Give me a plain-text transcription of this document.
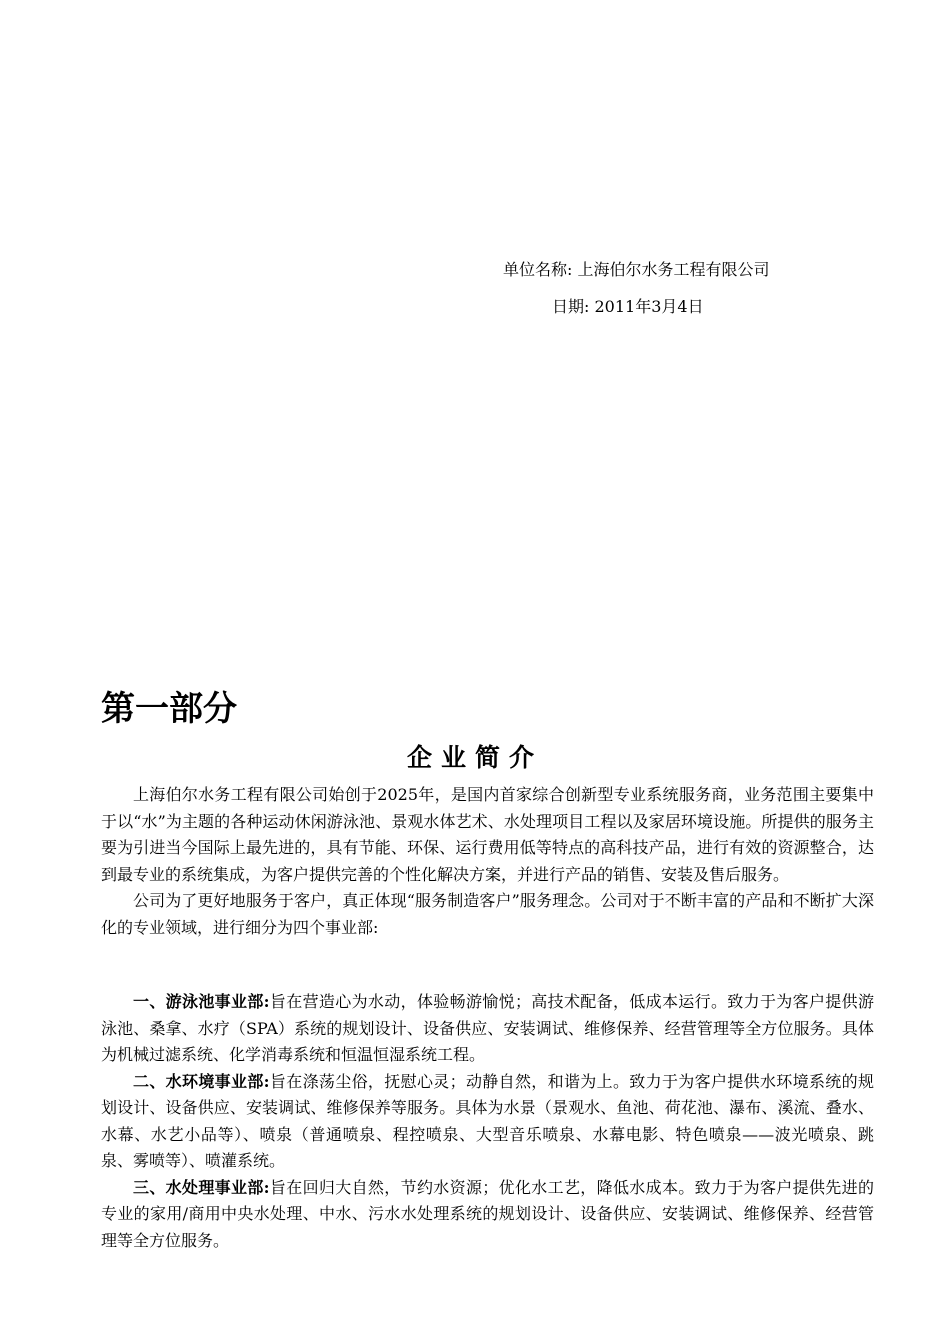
单位名称: 上海伯尔水务工程有限公司
日期: 2011年3月4日
第一部分
企业简介

上海伯尔水务工程有限公司始创于2025年，是国内首家综合创新型专业系统服务商，业务范围主要集中于以“水”为主题的各种运动休闲游泳池、景观水体艺术、水处理项目工程以及家居环境设施。所提供的服务主要为引进当今国际上最先进的，具有节能、环保、运行费用低等特点的高科技产品，进行有效的资源整合，达到最专业的系统集成，为客户提供完善的个性化解决方案，并进行产品的销售、安装及售后服务。

公司为了更好地服务于客户，真正体现“服务制造客户”服务理念。公司对于不断丰富的产品和不断扩大深化的专业领域，进行细分为四个事业部:

一、游泳池事业部:旨在营造心为水动，体验畅游愉悦；高技术配备，低成本运行。致力于为客户提供游泳池、桑拿、水疗（SPA）系统的规划设计、设备供应、安装调试、维修保养、经营管理等全方位服务。具体为机械过滤系统、化学消毒系统和恒温恒湿系统工程。

二、水环境事业部:旨在涤荡尘俗，抚慰心灵；动静自然，和谐为上。致力于为客户提供水环境系统的规划设计、设备供应、安装调试、维修保养等服务。具体为水景（景观水、鱼池、荷花池、瀑布、溪流、叠水、水幕、水艺小品等）、喷泉（普通喷泉、程控喷泉、大型音乐喷泉、水幕电影、特色喷泉——波光喷泉、跳泉、雾喷等）、喷灌系统。

三、水处理事业部:旨在回归大自然，节约水资源；优化水工艺，降低水成本。致力于为客户提供先进的专业的家用/商用中央水处理、中水、污水水处理系统的规划设计、设备供应、安装调试、维修保养、经营管理等全方位服务。
